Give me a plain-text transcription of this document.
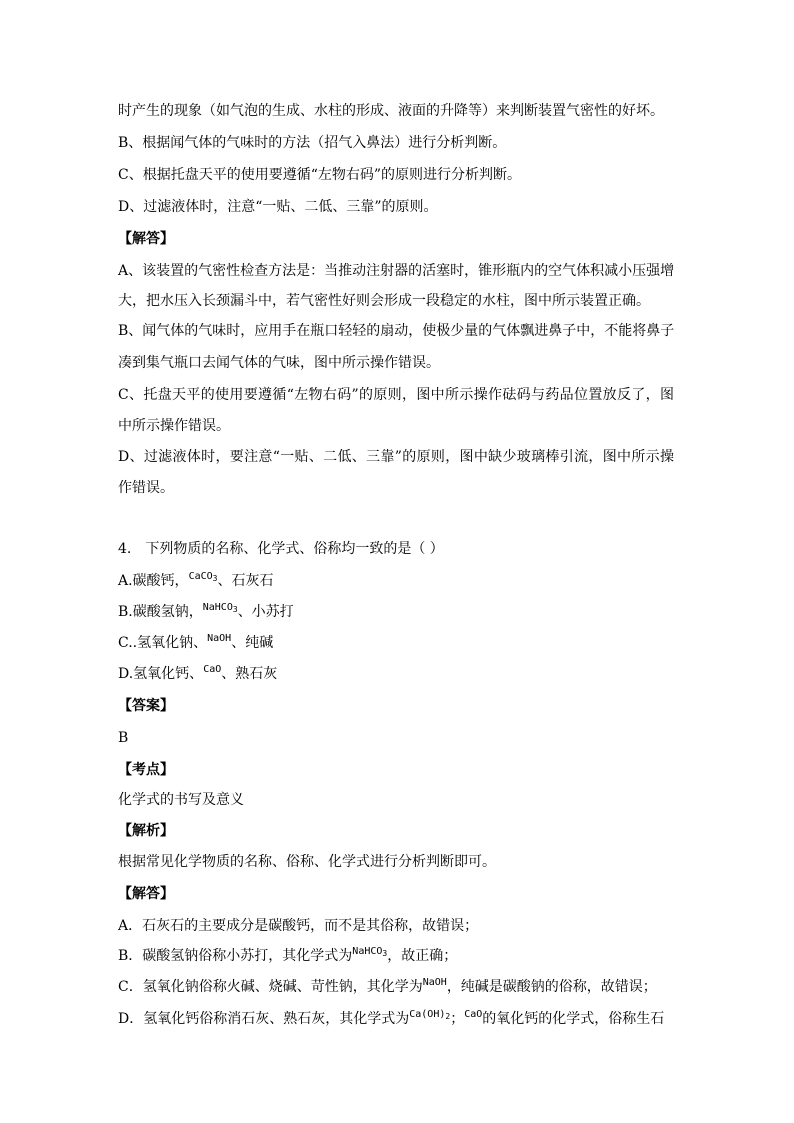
时产生的现象（如气泡的生成、水柱的形成、液面的升降等）来判断装置气密性的好坏。
B、根据闻气体的气味时的方法（招气入鼻法）进行分析判断。
C、根据托盘天平的使用要遵循“左物右码”的原则进行分析判断。
D、过滤液体时，注意“一贴、二低、三靠”的原则。
【解答】
A、该装置的气密性检查方法是：当推动注射器的活塞时，锥形瓶内的空气体积减小压强增
大，把水压入长颈漏斗中，若气密性好则会形成一段稳定的水柱，图中所示装置正确。
B、闻气体的气味时，应用手在瓶口轻轻的扇动，使极少量的气体飘进鼻子中，不能将鼻子
凑到集气瓶口去闻气体的气味，图中所示操作错误。
C、托盘天平的使用要遵循“左物右码”的原则，图中所示操作砝码与药品位置放反了，图
中所示操作错误。
D、过滤液体时，要注意“一贴、二低、三靠”的原则，图中缺少玻璃棒引流，图中所示操
作错误。
4.　下列物质的名称、化学式、俗称均一致的是（ ）
A.碳酸钙，$^{CaCO_3}$、石灰石
B.碳酸氢钠，$^{NaHCO_3}$、小苏打
C..氢氧化钠、$^{NaOH}$、纯碱
D.氢氧化钙、$^{CaO}$、熟石灰
【答案】
B
【考点】
化学式的书写及意义
【解析】
根据常见化学物质的名称、俗称、化学式进行分析判断即可。
【解答】
A．石灰石的主要成分是碳酸钙，而不是其俗称，故错误；
B．碳酸氢钠俗称小苏打，其化学式为$^{NaHCO_3}$，故正确；
C．氢氧化钠俗称火碱、烧碱、苛性钠，其化学为$^{NaOH}$，纯碱是碳酸钠的俗称，故错误；
D．氢氧化钙俗称消石灰、熟石灰，其化学式为$^{Ca(OH)_2}$；$^{CaO}$的氧化钙的化学式，俗称生石
